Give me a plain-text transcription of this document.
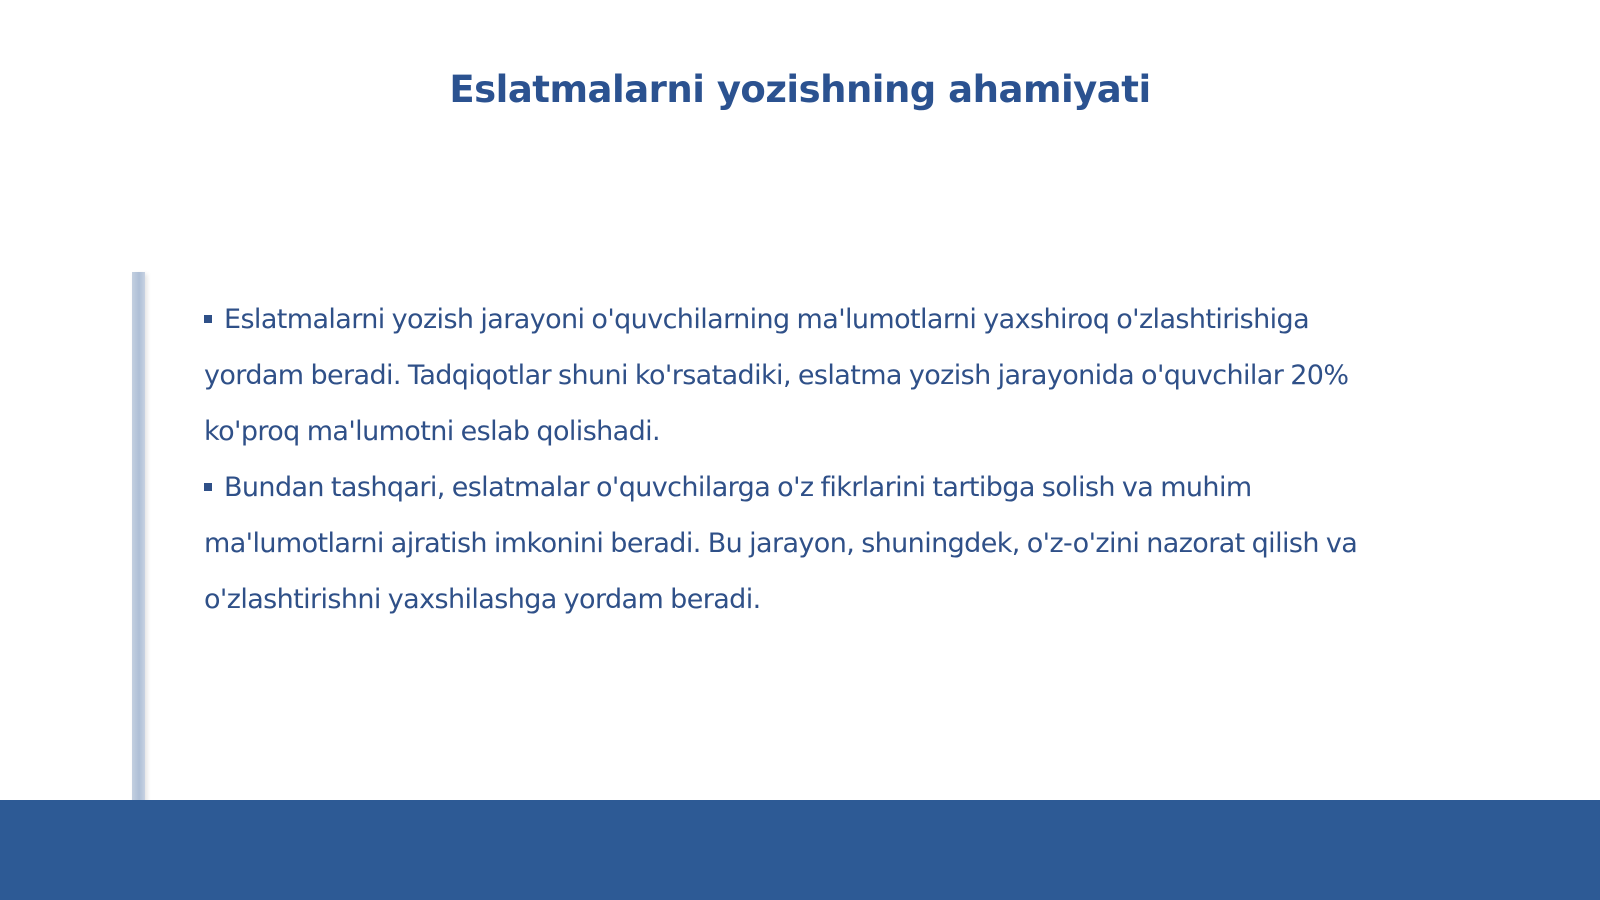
Eslatmalarni yozishning ahamiyati
Eslatmalarni yozish jarayoni o'quvchilarning ma'lumotlarni yaxshiroq o'zlashtirishiga yordam beradi. Tadqiqotlar shuni ko'rsatadiki, eslatma yozish jarayonida o'quvchilar 20% ko'proq ma'lumotni eslab qolishadi.
Bundan tashqari, eslatmalar o'quvchilarga o'z fikrlarini tartibga solish va muhim ma'lumotlarni ajratish imkonini beradi. Bu jarayon, shuningdek, o'z-o'zini nazorat qilish va o'zlashtirishni yaxshilashga yordam beradi.
